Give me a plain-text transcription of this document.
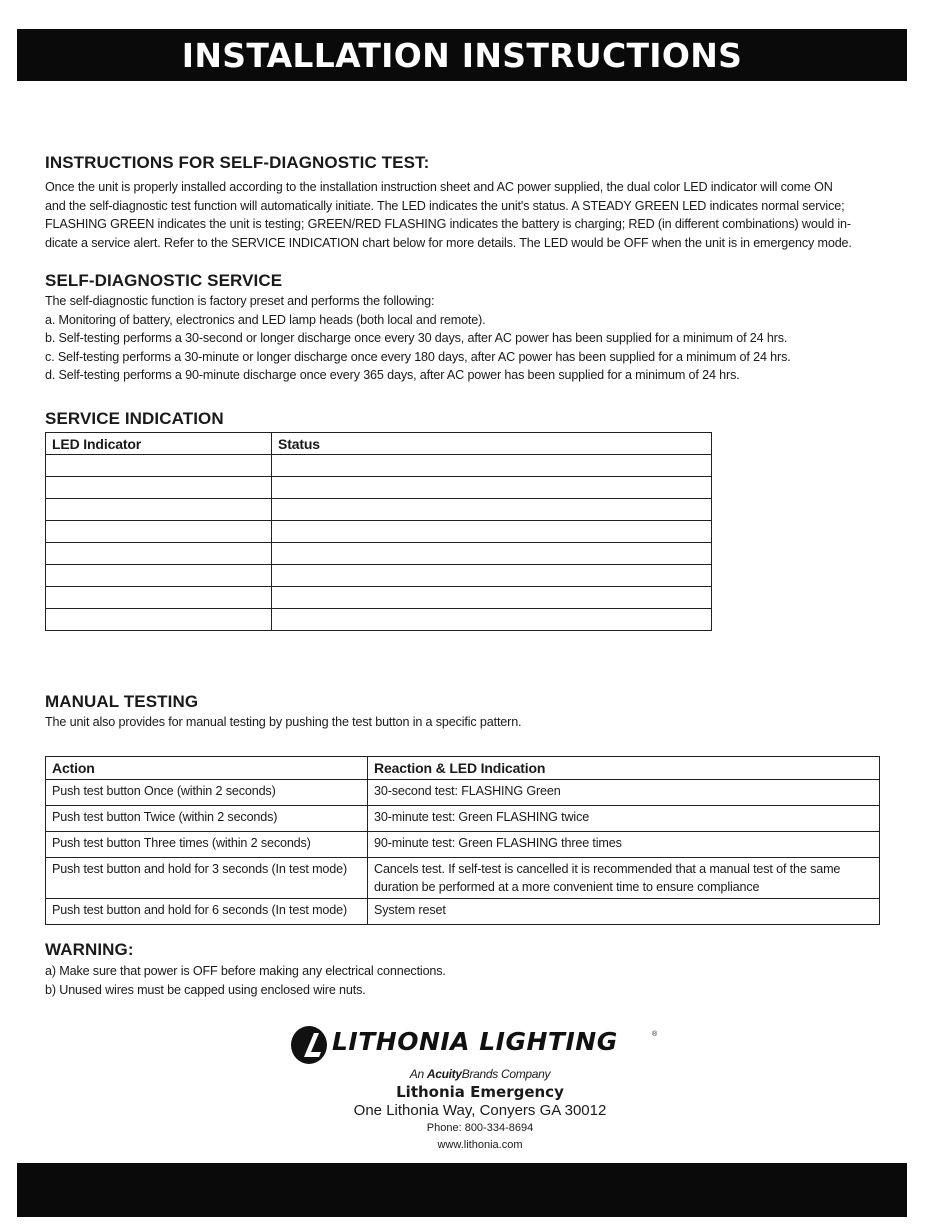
INSTALLATION INSTRUCTIONS
INSTRUCTIONS FOR SELF-DIAGNOSTIC TEST:

Once the unit is properly installed according to the installation instruction sheet and AC power supplied, the dual color LED indicator will come ON

and the self-diagnostic test function will automatically initiate. The LED indicates the unit's status. A STEADY GREEN LED indicates normal service;

FLASHING GREEN indicates the unit is testing; GREEN/RED FLASHING indicates the battery is charging; RED (in different combinations) would in-

dicate a service alert. Refer to the SERVICE INDICATION chart below for more details. The LED would be OFF when the unit is in emergency mode.

SELF-DIAGNOSTIC SERVICE

The self-diagnostic function is factory preset and performs the following:

a. Monitoring of battery, electronics and LED lamp heads (both local and remote).

b. Self-testing performs a 30-second or longer discharge once every 30 days, after AC power has been supplied for a minimum of 24 hrs.

c. Self-testing performs a 30-minute or longer discharge once every 180 days, after AC power has been supplied for a minimum of 24 hrs.

d. Self-testing performs a 90-minute discharge once every 365 days, after AC power has been supplied for a minimum of 24 hrs.

SERVICE INDICATION
LED Indicator	Status

MANUAL TESTING
The unit also provides for manual testing by pushing the test button in a specific pattern.
Action	Reaction & LED Indication
Push test button Once (within 2 seconds)	30-second test: FLASHING Green
Push test button Twice (within 2 seconds)	30-minute test: Green FLASHING twice
Push test button Three times (within 2 seconds)	90-minute test: Green FLASHING three times
Push test button and hold for 3 seconds (In test mode)	Cancels test. If self-test is cancelled it is recommended that a manual test of the same duration be performed at a more convenient time to ensure compliance
Push test button and hold for 6 seconds (In test mode)	System reset
WARNING:

a) Make sure that power is OFF before making any electrical connections.

b) Unused wires must be capped using enclosed wire nuts.

LITHONIA LIGHTING	®

An AcuityBrands Company

Lithonia Emergency

One Lithonia Way, Conyers GA 30012

Phone: 800-334-8694

www.lithonia.com
